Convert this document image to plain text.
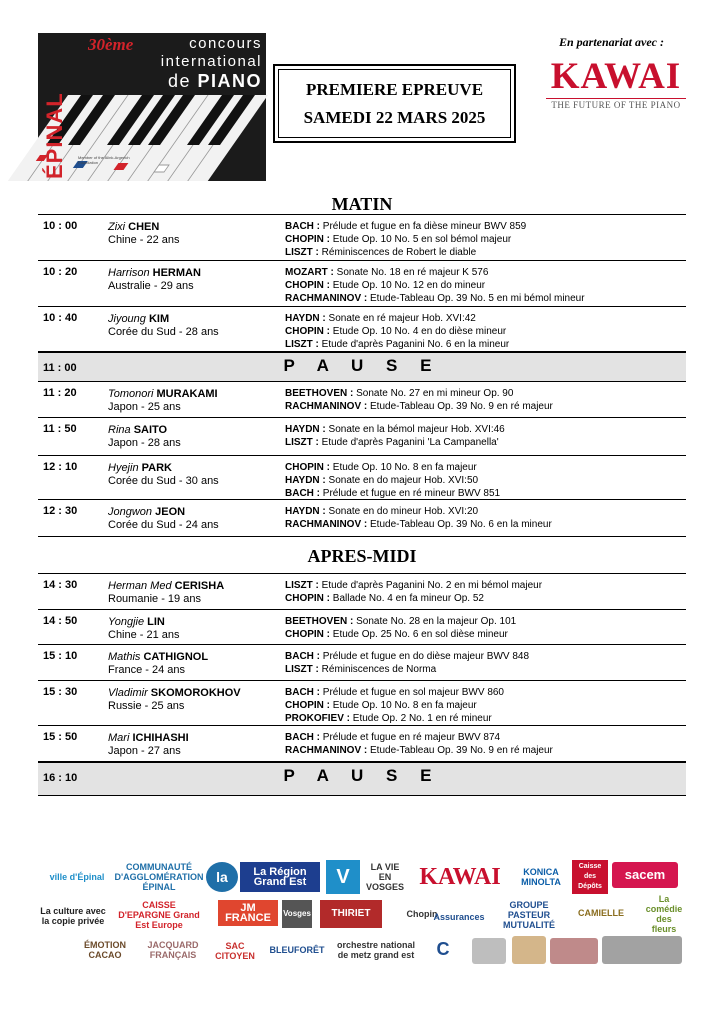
30ème	concours
international
de PIANO
ÉPINAL	Member of the Alink-Argerich Foundation
PREMIERE EPREUVE
SAMEDI 22 MARS 2025
En partenariat avec :
KAWAI
THE FUTURE OF THE PIANO
MATIN
10 : 00	Zixi CHEN
Chine - 22 ans
BACH : Prélude et fugue en fa dièse mineur BWV 859
CHOPIN : Etude Op. 10 No. 5 en sol bémol majeur
LISZT : Réminiscences de Robert le diable
10 : 20	Harrison HERMAN
Australie - 29 ans
MOZART : Sonate No. 18 en ré majeur K 576
CHOPIN : Etude Op. 10 No. 12 en do mineur
RACHMANINOV : Etude-Tableau Op. 39 No. 5 en mi bémol mineur
10 : 40	Jiyoung KIM
Corée du Sud - 28 ans
HAYDN : Sonate en ré majeur Hob. XVI:42
CHOPIN : Etude Op. 10 No. 4 en do dièse mineur
LISZT : Etude d'après Paganini No. 6 en la mineur
11 : 00	P A U S E
11 : 20	Tomonori MURAKAMI
Japon - 25 ans
BEETHOVEN : Sonate No. 27 en mi mineur Op. 90
RACHMANINOV : Etude-Tableau Op. 39 No. 9 en ré majeur
11 : 50	Rina SAITO
Japon - 28 ans
HAYDN : Sonate en la bémol majeur Hob. XVI:46
LISZT : Etude d'après Paganini 'La Campanella'
12 : 10	Hyejin PARK
Corée du Sud - 30 ans
CHOPIN : Etude Op. 10 No. 8 en fa majeur
HAYDN : Sonate en do majeur Hob. XVI:50
BACH : Prélude et fugue en ré mineur BWV 851
12 : 30	Jongwon JEON
Corée du Sud - 24 ans
HAYDN : Sonate en do mineur Hob. XVI:20
RACHMANINOV : Etude-Tableau Op. 39 No. 6 en la mineur
APRES-MIDI
14 : 30	Herman Med CERISHA
Roumanie - 19 ans
LISZT : Etude d'après Paganini No. 2 en mi bémol majeur
CHOPIN : Ballade No. 4 en fa mineur Op. 52
14 : 50	Yongjie LIN
Chine - 21 ans
BEETHOVEN : Sonate No. 28 en la majeur Op. 101
CHOPIN : Etude Op. 25 No. 6 en sol dièse mineur
15 : 10	Mathis CATHIGNOL
France - 24 ans
BACH : Prélude et fugue en do dièse majeur BWV 848
LISZT : Réminiscences de Norma
15 : 30	Vladimir SKOMOROKHOV
Russie - 25 ans
BACH : Prélude et fugue en sol majeur BWV 860
CHOPIN : Etude Op. 10 No. 8 en fa majeur
PROKOFIEV : Etude Op. 2 No. 1 en ré mineur
15 : 50	Mari ICHIHASHI
Japon - 27 ans
BACH : Prélude et fugue en ré majeur BWV 874
RACHMANINOV : Etude-Tableau Op. 39 No. 9 en ré majeur
16 : 10	P A U S E
ville d'Épinal
COMMUNAUTÉ D'AGGLOMÉRATION ÉPINAL
la	La Région Grand Est	V	LA VIE EN VOSGES KAWAI	KONICA MINOLTA
Caisse des Dépôts
sacem
La culture avec la copie privée
CAISSE D'EPARGNE Grand Est Europe
JM FRANCE	Vosges	THIRIET	Chopin
Assurances
GROUPE PASTEUR MUTUALITÉ
CAMIELLE
La comédie des fleurs
ÉMOTION CACAO
JACQUARD FRANÇAIS
SAC CITOYEN
BLEUFORÊT	orchestre national de metz grand est	C
